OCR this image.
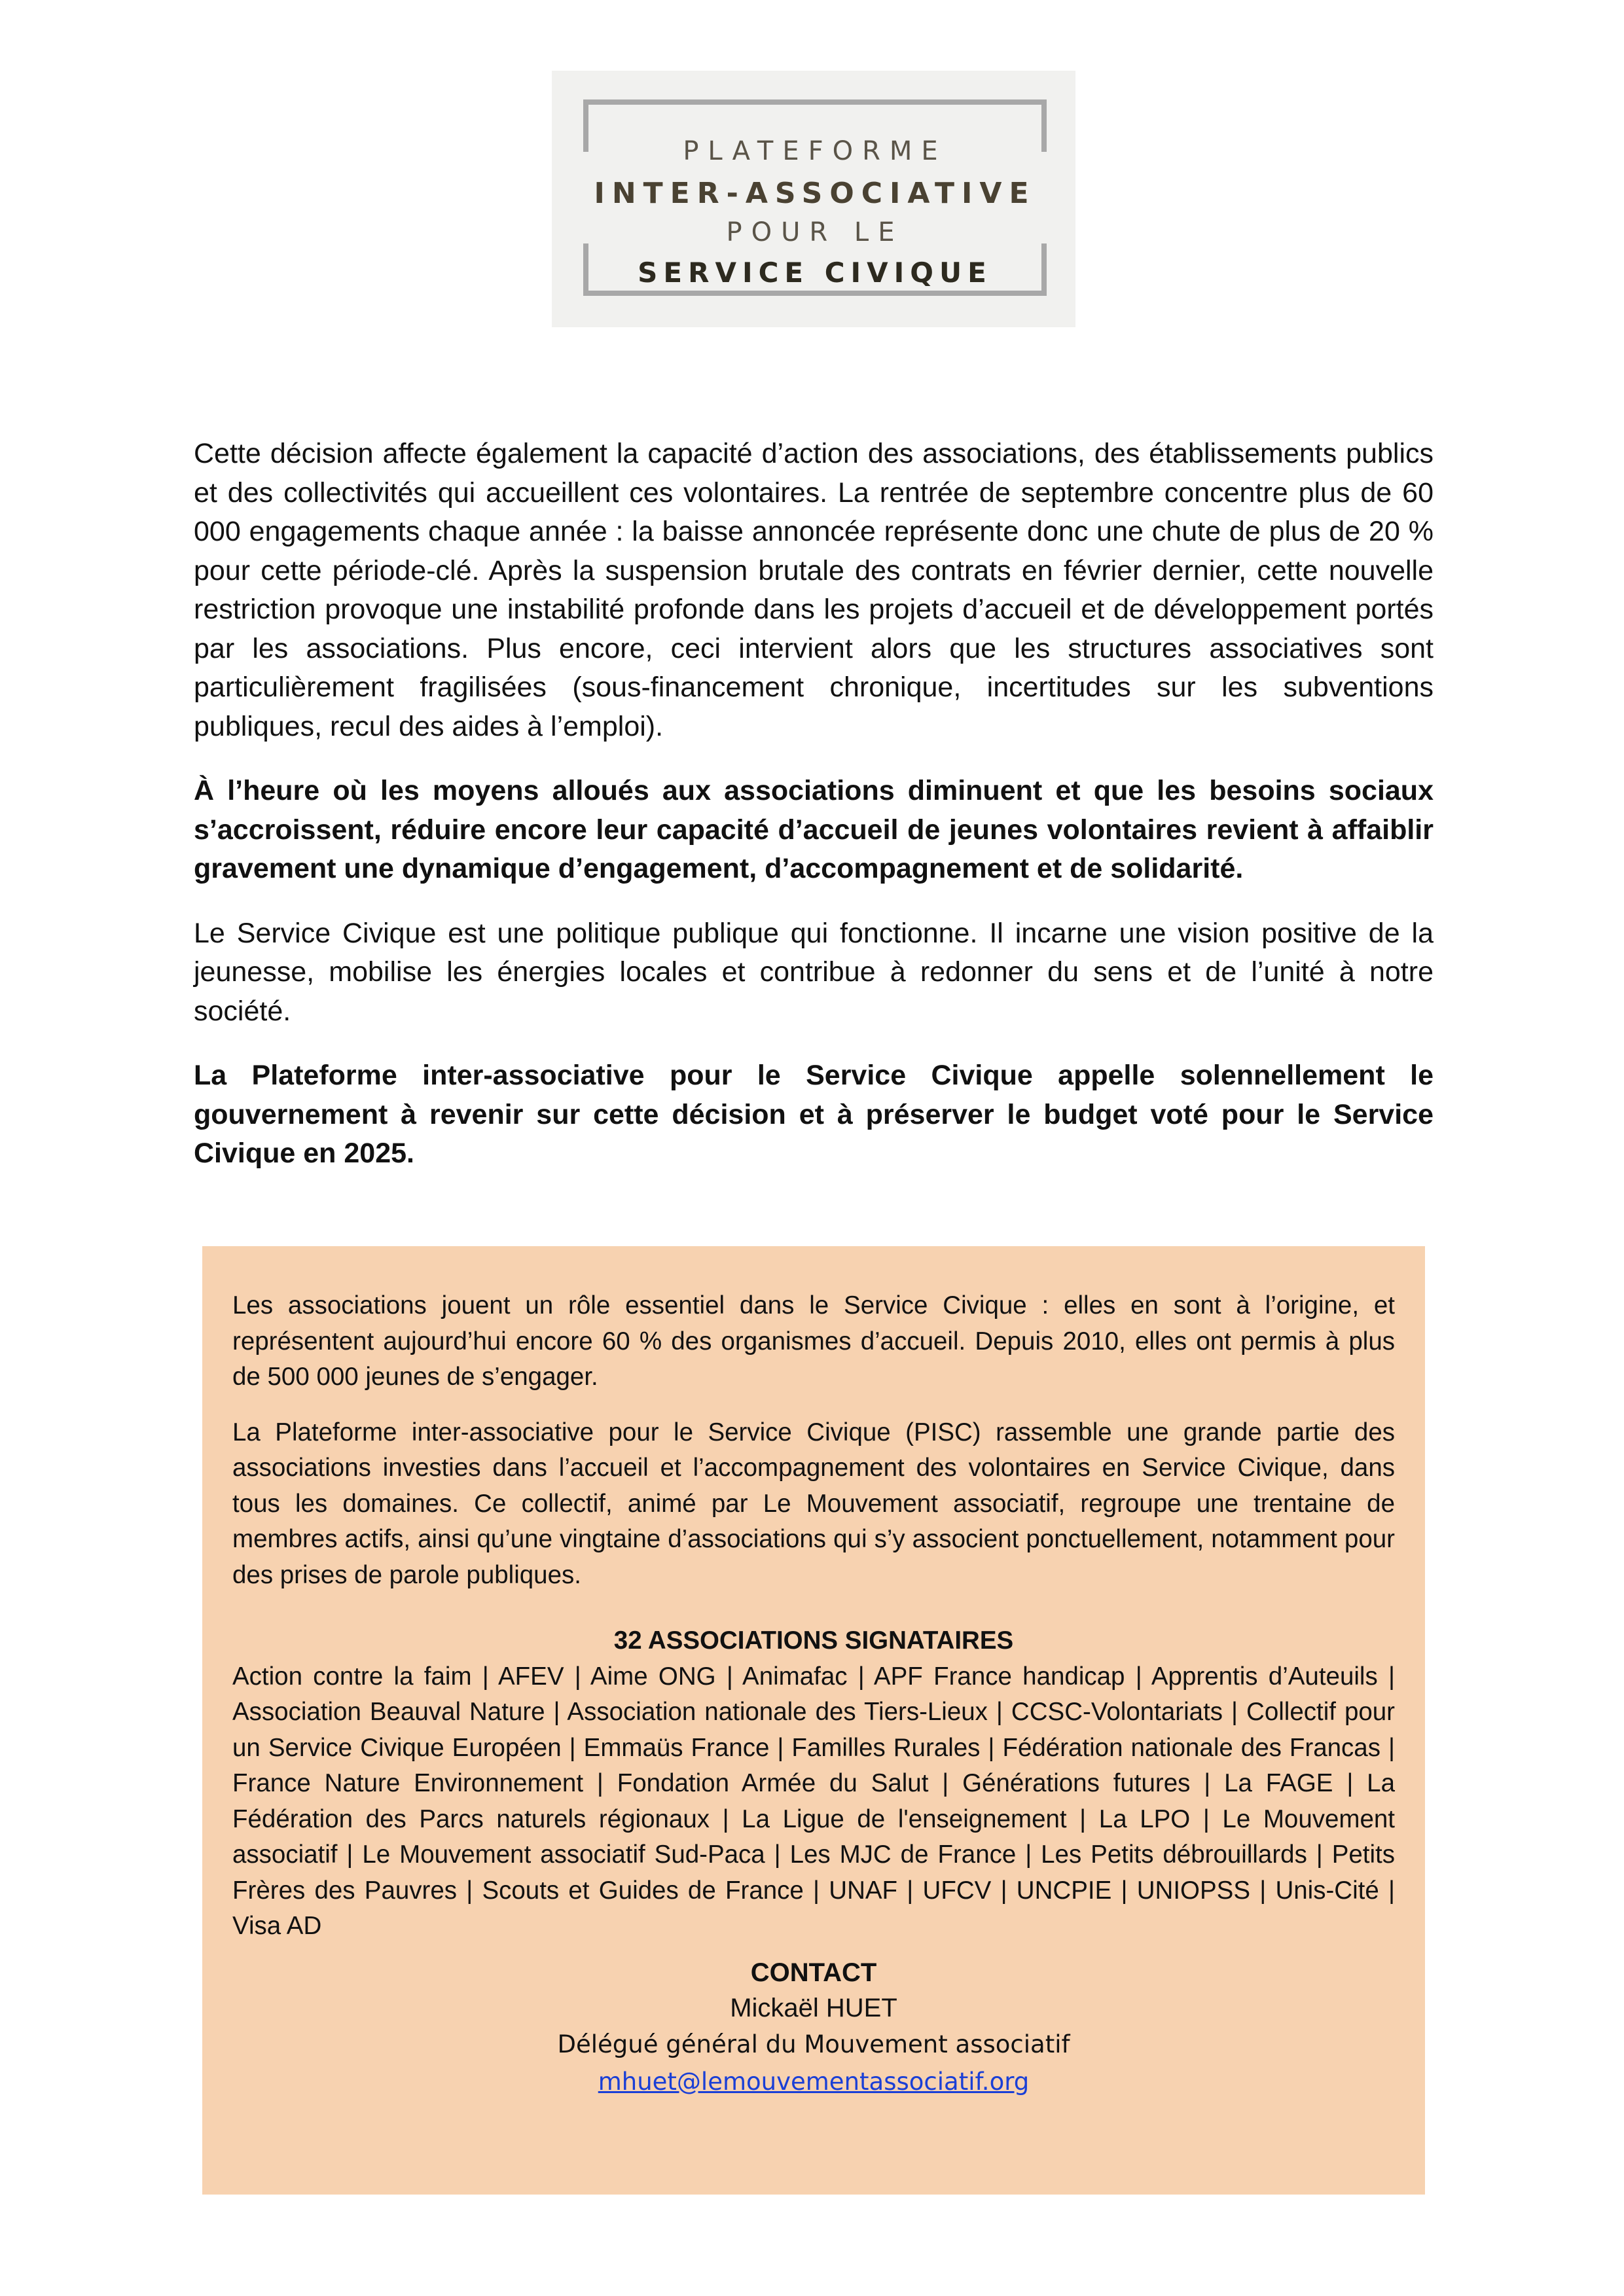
PLATEFORME
INTER-ASSOCIATIVE
POUR LE
SERVICE CIVIQUE

Cette décision affecte également la capacité d’action des associations, des établissements publics et des collectivités qui accueillent ces volontaires. La rentrée de septembre concentre plus de 60 000 engagements chaque année : la baisse annoncée représente donc une chute de plus de 20 % pour cette période-clé. Après la suspension brutale des contrats en février dernier, cette nouvelle restriction provoque une instabilité profonde dans les projets d’accueil et de développement portés par les associations. Plus encore, ceci intervient alors que les structures associatives sont particulièrement fragilisées (sous-financement chronique, incertitudes sur les subventions publiques, recul des aides à l’emploi).

À l’heure où les moyens alloués aux associations diminuent et que les besoins sociaux s’accroissent, réduire encore leur capacité d’accueil de jeunes volontaires revient à affaiblir gravement une dynamique d’engagement, d’accompagnement et de solidarité.

Le Service Civique est une politique publique qui fonctionne. Il incarne une vision positive de la jeunesse, mobilise les énergies locales et contribue à redonner du sens et de l’unité à notre société.

La Plateforme inter-associative pour le Service Civique appelle solennellement le gouvernement à revenir sur cette décision et à préserver le budget voté pour le Service Civique en 2025.

Les associations jouent un rôle essentiel dans le Service Civique : elles en sont à l’origine, et représentent aujourd’hui encore 60 % des organismes d’accueil. Depuis 2010, elles ont permis à plus de 500 000 jeunes de s’engager.

La Plateforme inter-associative pour le Service Civique (PISC) rassemble une grande partie des associations investies dans l’accueil et l’accompagnement des volontaires en Service Civique, dans tous les domaines. Ce collectif, animé par Le Mouvement associatif, regroupe une trentaine de membres actifs, ainsi qu’une vingtaine d’associations qui s’y associent ponctuellement, notamment pour des prises de parole publiques.

32 ASSOCIATIONS SIGNATAIRES

Action contre la faim | AFEV | Aime ONG | Animafac | APF France handicap | Apprentis d’Auteuils | Association Beauval Nature | Association nationale des Tiers-Lieux | CCSC-Volontariats | Collectif pour un Service Civique Européen | Emmaüs France | Familles Rurales | Fédération nationale des Francas | France Nature Environnement | Fondation Armée du Salut | Générations futures | La FAGE | La Fédération des Parcs naturels régionaux | La Ligue de l'enseignement | La LPO | Le Mouvement associatif | Le Mouvement associatif Sud-Paca | Les MJC de France | Les Petits débrouillards | Petits Frères des Pauvres | Scouts et Guides de France | UNAF | UFCV | UNCPIE | UNIOPSS | Unis-Cité | Visa AD

CONTACT
Mickaël HUET
Délégué général du Mouvement associatif
mhuet@lemouvementassociatif.org
